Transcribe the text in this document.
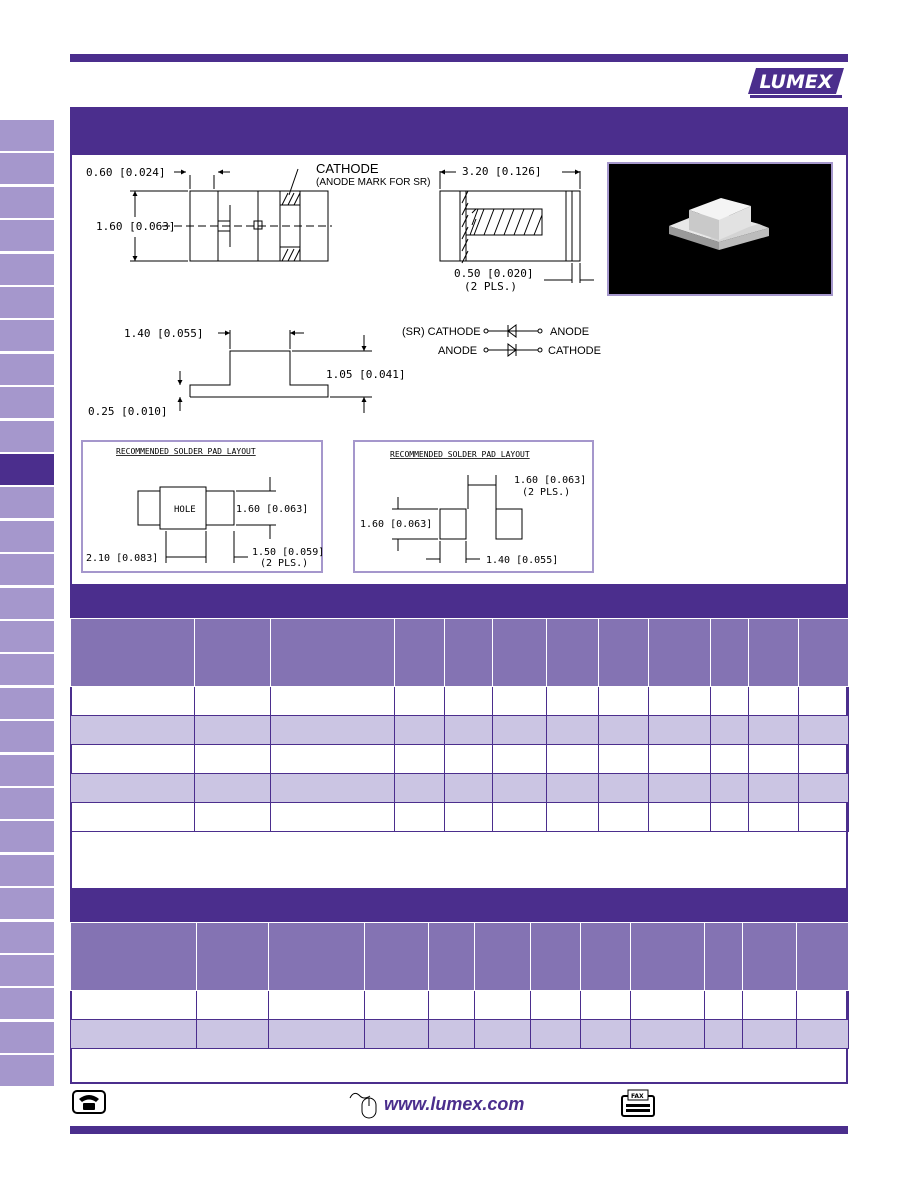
LUMEX
0.60 [0.024]
1.60 [0.063]
CATHODE
(ANODE MARK FOR SR)
3.20 [0.126]
0.50 [0.020]
(2 PLS.)
1.40 [0.055]
1.05 [0.041]
0.25 [0.010]
(SR) CATHODE	ANODE
ANODE	CATHODE
RECOMMENDED SOLDER PAD LAYOUT
HOLE	1.60 [0.063]
2.10 [0.083]
1.50 [0.059]
(2 PLS.)
RECOMMENDED SOLDER PAD LAYOUT
1.60 [0.063]
(2 PLS.)
1.60 [0.063]
1.40 [0.055]

www.lumex.com	FAX
